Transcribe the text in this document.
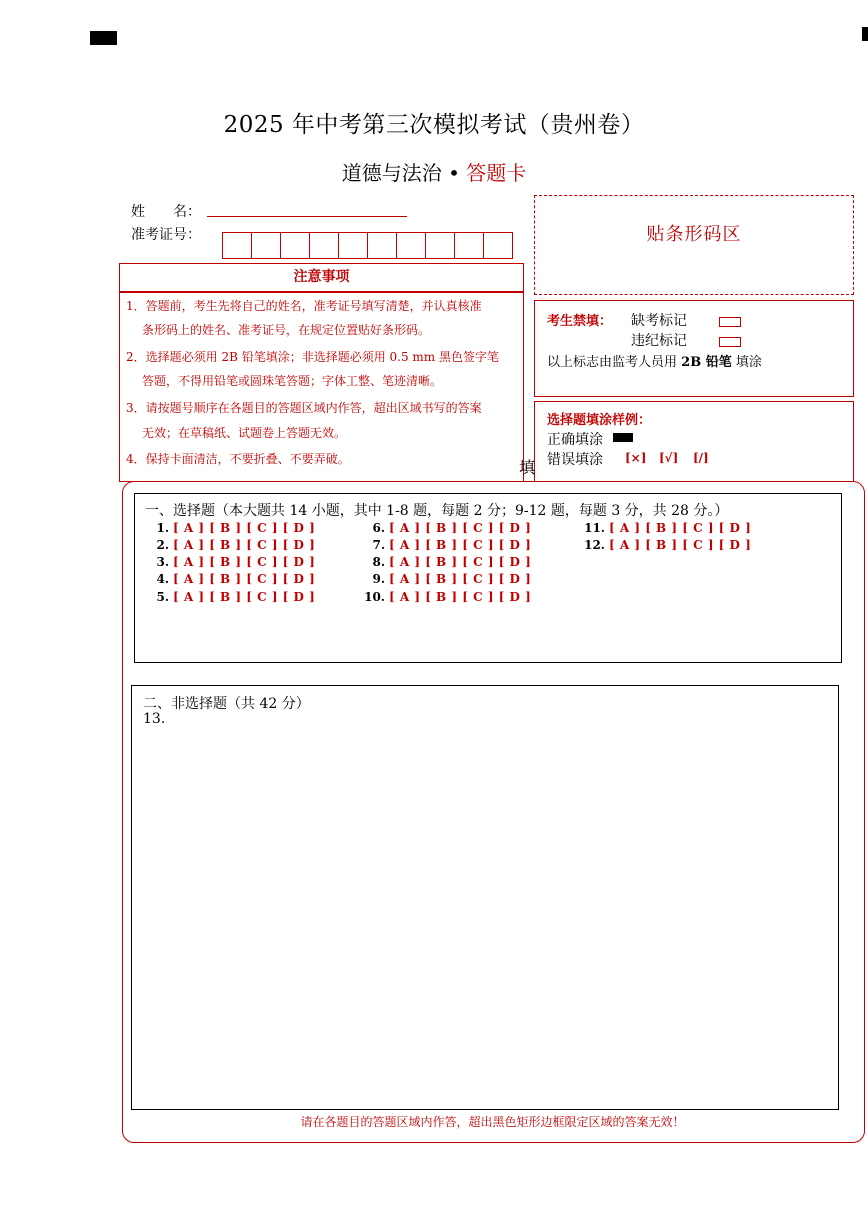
2025 年中考第三次模拟考试（贵州卷）
道德与法治 • 答题卡
姓　　名：
准考证号：	贴条形码区
注意事项
1．答题前，考生先将自己的姓名，准考证号填写清楚，并认真核准
条形码上的姓名、准考证号，在规定位置贴好条形码。
2．选择题必须用 2B 铅笔填涂；非选择题必须用 0.5 mm 黑色签字笔
答题，不得用铅笔或圆珠笔答题；字体工整、笔迹清晰。
3．请按题号顺序在各题目的答题区域内作答，超出区域书写的答案
无效；在草稿纸、试题卷上答题无效。
4．保持卡面清洁，不要折叠、不要弄破。	填
考生禁填： 缺考标记
违纪标记
以上标志由监考人员用 2B 铅笔 填涂
选择题填涂样例：
正确填涂
错误填涂 [×] [√] [/]
一、选择题（本大题共 14 小题，其中 1-8 题，每题 2 分；9-12 题，每题 3 分，共 28 分。）
1. [ A ] [ B ] [ C ] [ D ]
2. [ A ] [ B ] [ C ] [ D ]
3. [ A ] [ B ] [ C ] [ D ]
4. [ A ] [ B ] [ C ] [ D ]
5. [ A ] [ B ] [ C ] [ D ]
6. [ A ] [ B ] [ C ] [ D ]
7. [ A ] [ B ] [ C ] [ D ]
8. [ A ] [ B ] [ C ] [ D ]
9. [ A ] [ B ] [ C ] [ D ]
10. [ A ] [ B ] [ C ] [ D ]
11. [ A ] [ B ] [ C ] [ D ]
12. [ A ] [ B ] [ C ] [ D ]
二、非选择题（共 42 分）
13.
请在各题目的答题区域内作答，超出黑色矩形边框限定区域的答案无效！
